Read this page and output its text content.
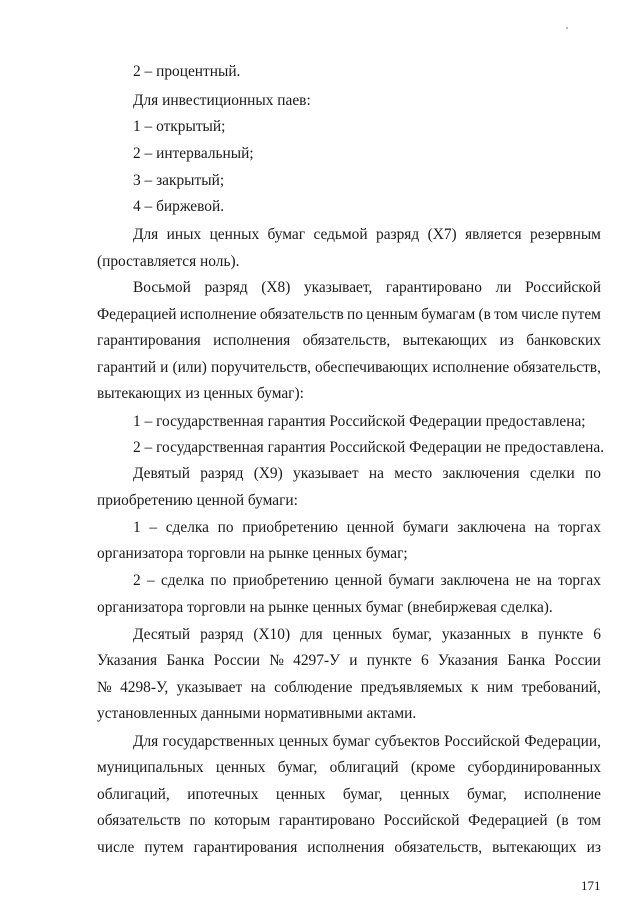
2 – процентный.

Для инвестиционных паев:

1 – открытый;

2 – интервальный;

3 – закрытый;

4 – биржевой.

Для иных ценных бумаг седьмой разряд (Х7) является резервным

(проставляется ноль).

Восьмой разряд (Х8) указывает, гарантировано ли Российской

Федерацией исполнение обязательств по ценным бумагам (в том числе путем

гарантирования исполнения обязательств, вытекающих из банковских

гарантий и (или) поручительств, обеспечивающих исполнение обязательств,

вытекающих из ценных бумаг):

1 – государственная гарантия Российской Федерации предоставлена;

2 – государственная гарантия Российской Федерации не предоставлена.

Девятый разряд (Х9) указывает на место заключения сделки по

приобретению ценной бумаги:

1 – сделка по приобретению ценной бумаги заключена на торгах

организатора торговли на рынке ценных бумаг;

2 – сделка по приобретению ценной бумаги заключена не на торгах

организатора торговли на рынке ценных бумаг (внебиржевая сделка).

Десятый разряд (Х10) для ценных бумаг, указанных в пункте 6

Указания Банка России № 4297-У и пункте 6 Указания Банка России

№ 4298-У, указывает на соблюдение предъявляемых к ним требований,

установленных данными нормативными актами.

Для государственных ценных бумаг субъектов Российской Федерации,

муниципальных ценных бумаг, облигаций (кроме субординированных

облигаций, ипотечных ценных бумаг, ценных бумаг, исполнение

обязательств по которым гарантировано Российской Федерацией (в том

числе путем гарантирования исполнения обязательств, вытекающих из

171
